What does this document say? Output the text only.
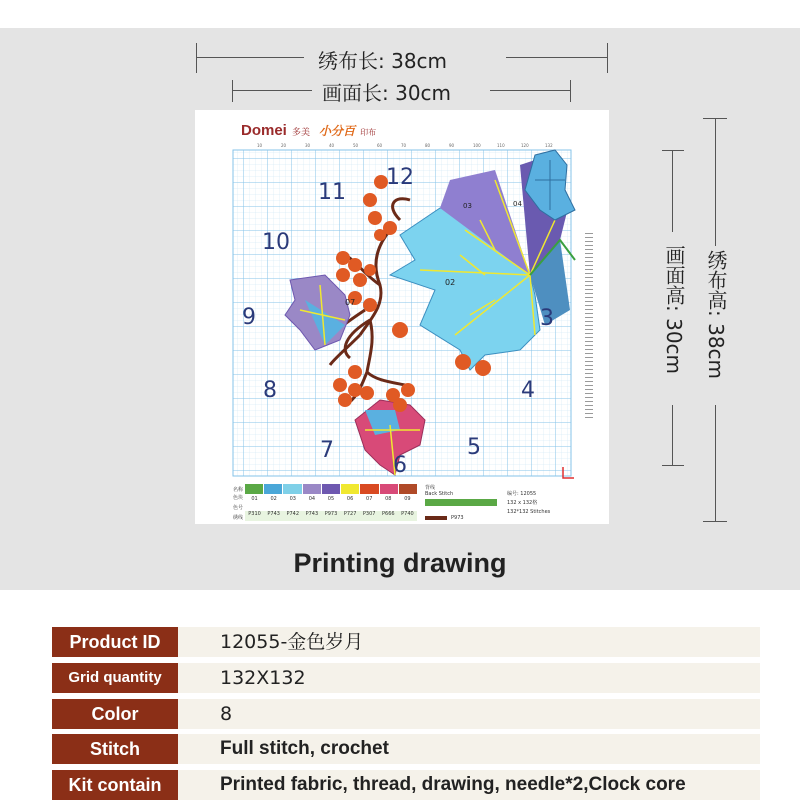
绣布长: 38cm
画面长: 30cm
画面高: 30cm 绣布高: 38cm
10	20	30	40	50	60	70	80	90	100	110	120	132
Domei 多美 小分百 印布
12
11
10
9
8
7
6
5
4
3
02
03	04
07
名称
色块
色号
绣线
01	02	03	04	05	06	07	08	09
P310	P743	P742	P743	P973	P727	P307	P666	P740
背线
Back Stitch
P973
编号: 12055
132 x 132格
132*132 Stitches
Printing drawing
Product ID	12055-金色岁月
Grid quantity	132X132
Color	8
Stitch	Full stitch, crochet
Kit contain	Printed fabric, thread, drawing, needle*2,Clock core
